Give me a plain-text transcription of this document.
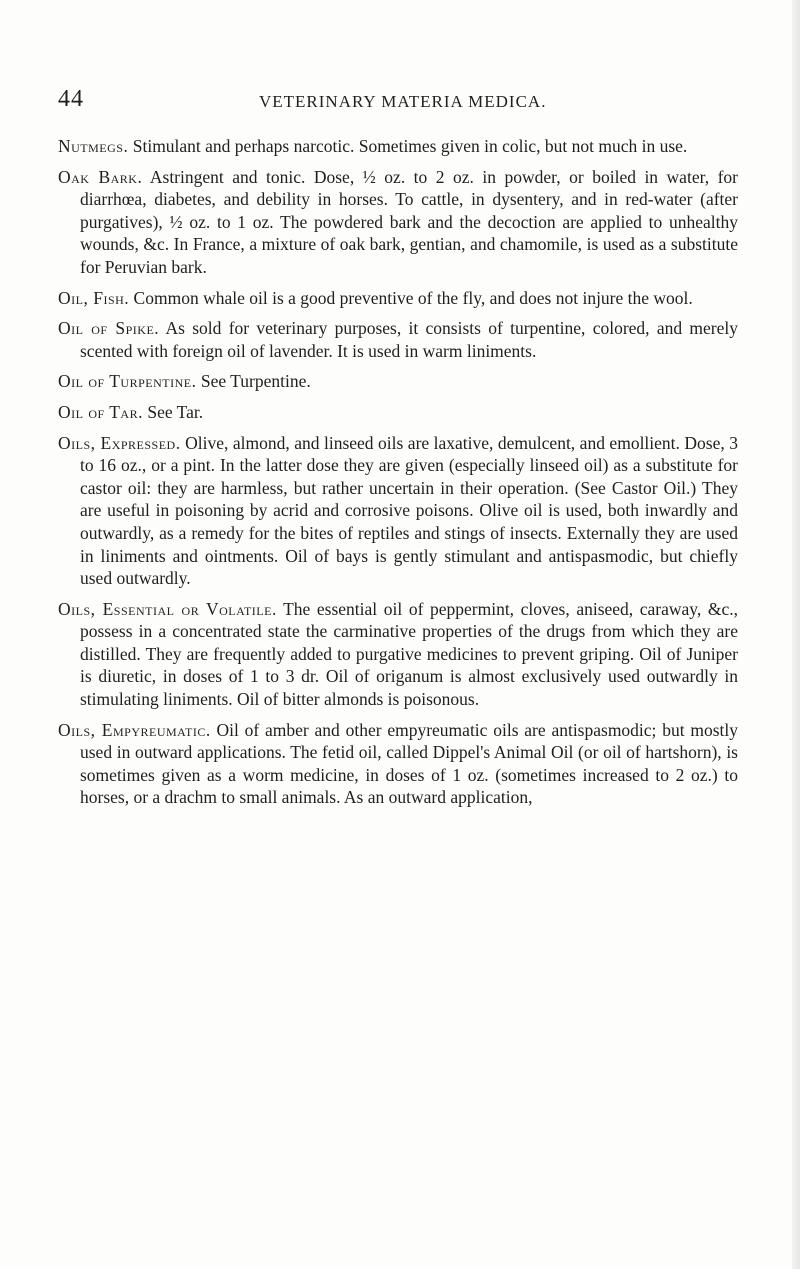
44	VETERINARY MATERIA MEDICA.

Nutmegs. Stimulant and perhaps narcotic. Sometimes given in colic, but not much in use.

Oak Bark. Astringent and tonic. Dose, ½ oz. to 2 oz. in powder, or boiled in water, for diarrhœa, diabetes, and debility in horses. To cattle, in dysentery, and in red-water (after purgatives), ½ oz. to 1 oz. The powdered bark and the decoction are applied to unhealthy wounds, &c. In France, a mixture of oak bark, gentian, and chamomile, is used as a substitute for Peruvian bark.

Oil, Fish. Common whale oil is a good preventive of the fly, and does not injure the wool.

Oil of Spike. As sold for veterinary purposes, it consists of turpentine, colored, and merely scented with foreign oil of lavender. It is used in warm liniments.

Oil of Turpentine. See Turpentine.

Oil of Tar. See Tar.

Oils, Expressed. Olive, almond, and linseed oils are laxative, demulcent, and emollient. Dose, 3 to 16 oz., or a pint. In the latter dose they are given (especially linseed oil) as a substitute for castor oil: they are harmless, but rather uncertain in their operation. (See Castor Oil.) They are useful in poisoning by acrid and corrosive poisons. Olive oil is used, both inwardly and outwardly, as a remedy for the bites of reptiles and stings of insects. Externally they are used in liniments and ointments. Oil of bays is gently stimulant and antispasmodic, but chiefly used outwardly.

Oils, Essential or Volatile. The essential oil of peppermint, cloves, aniseed, caraway, &c., possess in a concentrated state the carminative properties of the drugs from which they are distilled. They are frequently added to purgative medicines to prevent griping. Oil of Juniper is diuretic, in doses of 1 to 3 dr. Oil of origanum is almost exclusively used outwardly in stimulating liniments. Oil of bitter almonds is poisonous.

Oils, Empyreumatic. Oil of amber and other empyreumatic oils are antispasmodic; but mostly used in outward applications. The fetid oil, called Dippel's Animal Oil (or oil of hartshorn), is sometimes given as a worm medicine, in doses of 1 oz. (sometimes increased to 2 oz.) to horses, or a drachm to small animals. As an outward application,
